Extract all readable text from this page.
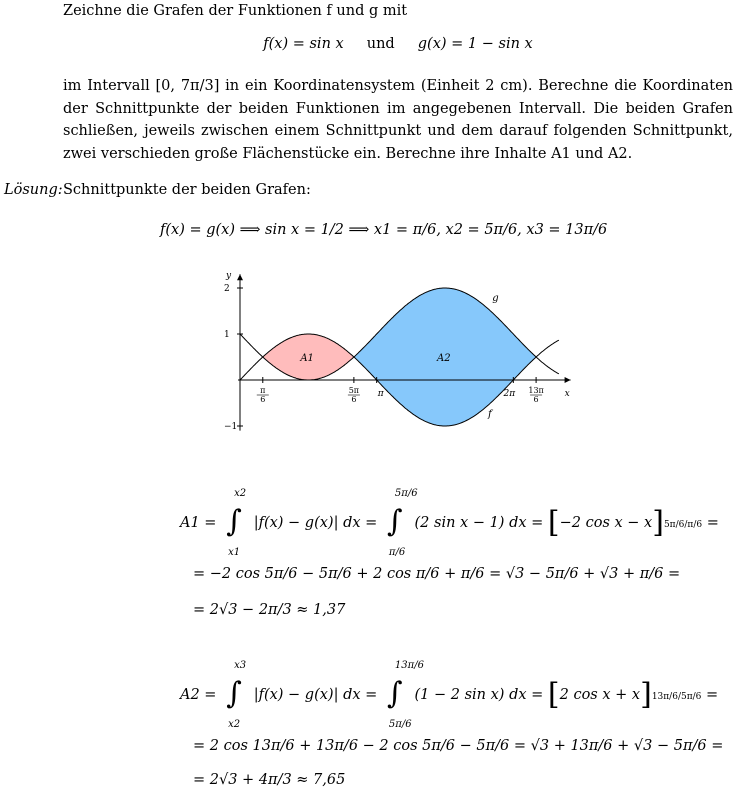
Zeichne die Grafen der Funktionen f und g mit
f(x) = sin x und g(x) = 1 − sin x
im Intervall [0, 7π/3] in ein Koordinatensystem (Einheit 2 cm). Berechne die Koordinaten der Schnittpunkte der beiden Funktionen im angegebenen Intervall. Die beiden Grafen schließen, jeweils zwischen einem Schnittpunkt und dem darauf folgenden Schnittpunkt, zwei verschieden große Flächenstücke ein. Berechne ihre Inhalte A1 und A2.
Lösung: Schnittpunkte der beiden Grafen:
f(x) = g(x) ⟹ sin x = 1/2 ⟹ x1 = π/6, x2 = 5π/6, x3 = 13π/6
A1	A2
y
x
2
1
−1
π
6
5π
6
π	2π 13π
6
g
f
A1 =
x2
∫
x1
|f(x) − g(x)| dx =
5π/6
∫
π/6
(2 sin x − 1) dx = [−2 cos x − x]5π/6/π/6 =
= −2 cos 5π/6 − 5π/6 + 2 cos π/6 + π/6 = √3 − 5π/6 + √3 + π/6 =
= 2√3 − 2π/3 ≈ 1,37
A2 =
x3
∫
x2
|f(x) − g(x)| dx =
13π/6
∫
5π/6
(1 − 2 sin x) dx = [2 cos x + x]13π/6/5π/6 =
= 2 cos 13π/6 + 13π/6 − 2 cos 5π/6 − 5π/6 = √3 + 13π/6 + √3 − 5π/6 =
= 2√3 + 4π/3 ≈ 7,65
